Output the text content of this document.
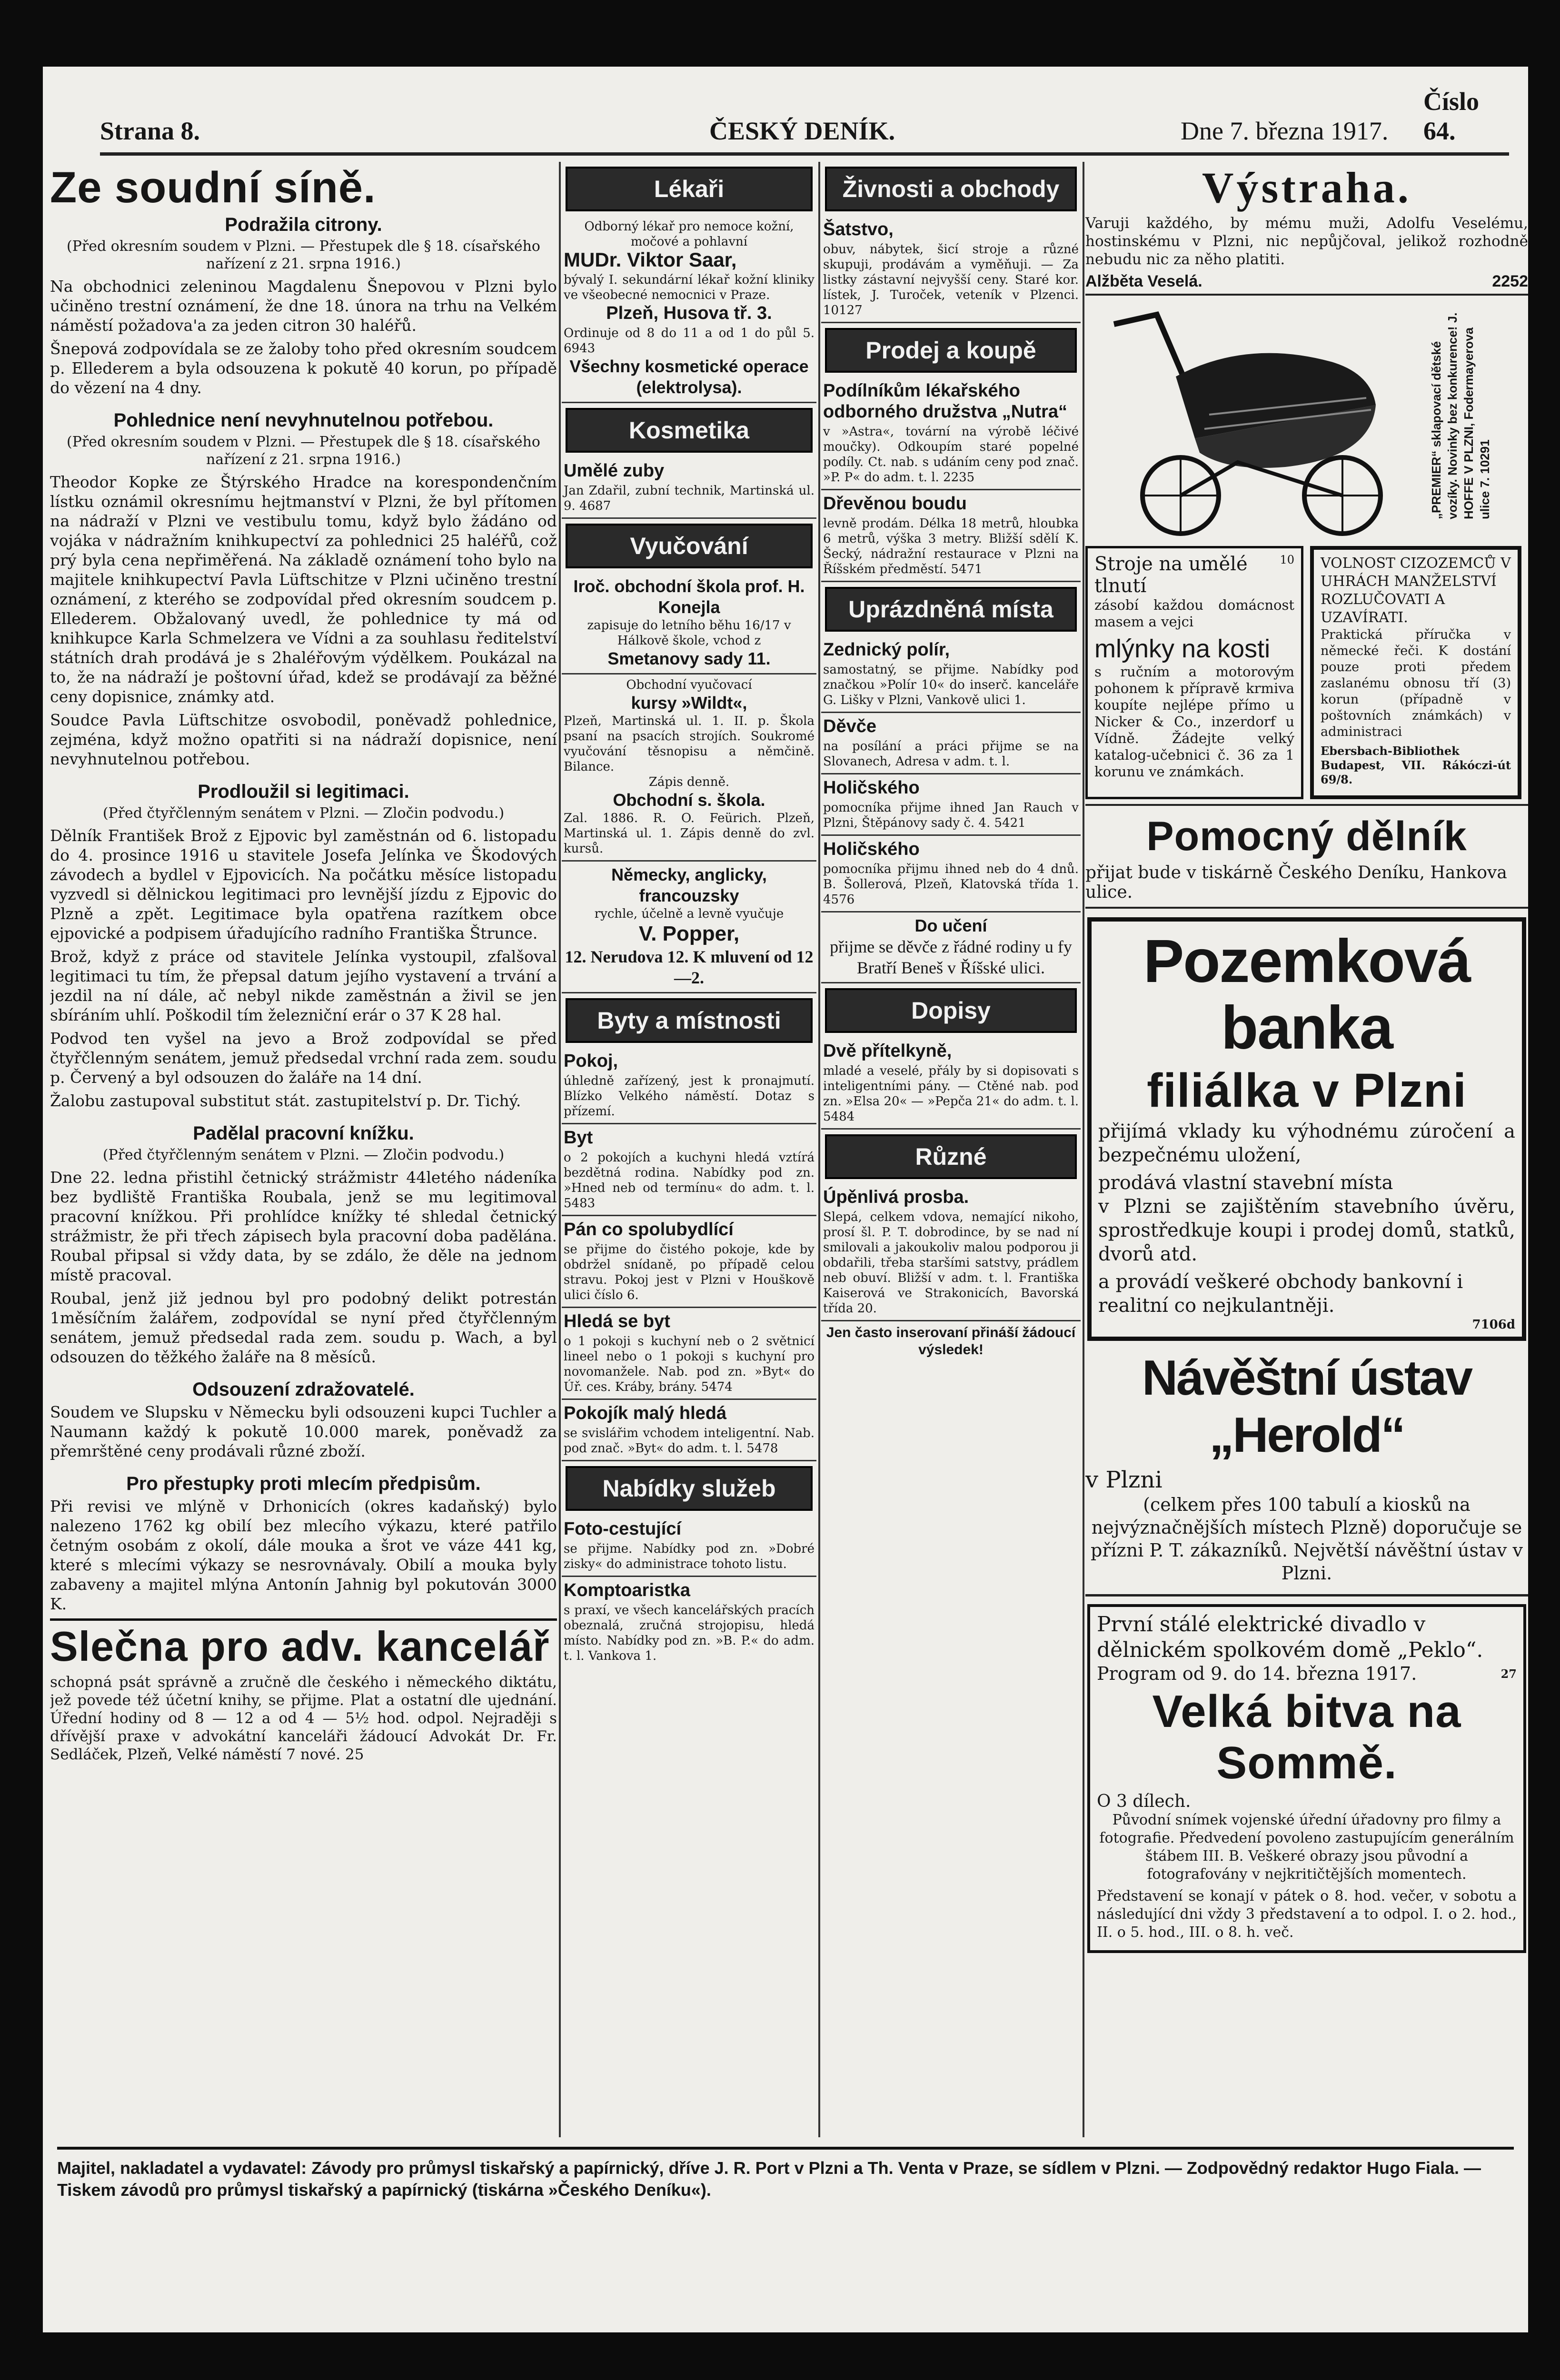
Strana 8.	ČESKÝ DENÍK.	Dne 7. března 1917.
Číslo 64.
Ze soudní síně.
Podražila citrony.
(Před okresním soudem v Plzni. — Přestupek dle § 18. císařského nařízení z 21. srpna 1916.)

Na obchodnici zeleninou Magdalenu Šnepovou v Plzni bylo učiněno trestní oznámení, že dne 18. února na trhu na Velkém náměstí požadova'a za jeden citron 30 haléřů.

Šnepová zodpovídala se ze žaloby toho před okresním soudcem p. Ellederem a byla odsouzena k pokutě 40 korun, po případě do vězení na 4 dny.

Pohlednice není nevyhnutelnou potřebou.
(Před okresním soudem v Plzni. — Přestupek dle § 18. císařského nařízení z 21. srpna 1916.)

Theodor Kopke ze Štýrského Hradce na korespondenčním lístku oznámil okresnímu hejtmanství v Plzni, že byl přítomen na nádraží v Plzni ve vestibulu tomu, když bylo žádáno od vojáka v nádražním knihkupectví za pohlednici 25 haléřů, což prý byla cena nepřiměřená. Na základě oznámení toho bylo na majitele knihkupectví Pavla Lüftschitze v Plzni učiněno trestní oznámení, z kterého se zodpovídal před okresním soudcem p. Ellederem. Obžalovaný uvedl, že pohlednice ty má od knihkupce Karla Schmelzera ve Vídni a za souhlasu ředitelství státních drah prodává je s 2haléřovým výdělkem. Poukázal na to, že na nádraží je poštovní úřad, kdež se prodávají za běžné ceny dopisnice, známky atd.

Soudce Pavla Lüftschitze osvobodil, poněvadž pohlednice, zejména, když možno opatřiti si na nádraží dopisnice, není nevyhnutelnou potřebou.

Prodloužil si legitimaci.
(Před čtyřčlenným senátem v Plzni. — Zločin podvodu.)

Dělník František Brož z Ejpovic byl zaměstnán od 6. listopadu do 4. prosince 1916 u stavitele Josefa Jelínka ve Škodových závodech a bydlel v Ejpovicích. Na počátku měsíce listopadu vyzvedl si dělnickou legitimaci pro levnější jízdu z Ejpovic do Plzně a zpět. Legitimace byla opatřena razítkem obce ejpovické a podpisem úřadujícího radního Františka Štrunce.

Brož, když z práce od stavitele Jelínka vystoupil, zfalšoval legitimaci tu tím, že přepsal datum jejího vystavení a trvání a jezdil na ní dále, ač nebyl nikde zaměstnán a živil se jen sbíráním uhlí. Poškodil tím železniční erár o 37 K 28 hal.

Podvod ten vyšel na jevo a Brož zodpovídal se před čtyřčlenným senátem, jemuž předsedal vrchní rada zem. soudu p. Červený a byl odsouzen do žaláře na 14 dní.

Žalobu zastupoval substitut stát. zastupitelství p. Dr. Tichý.

Padělal pracovní knížku.
(Před čtyřčlenným senátem v Plzni. — Zločin podvodu.)

Dne 22. ledna přistihl četnický strážmistr 44letého nádeníka bez bydliště Františka Roubala, jenž se mu legitimoval pracovní knížkou. Při prohlídce knížky té shledal četnický strážmistr, že při třech zápisech byla pracovní doba padělána. Roubal připsal si vždy data, by se zdálo, že děle na jednom místě pracoval.

Roubal, jenž již jednou byl pro podobný delikt potrestán 1měsíčním žalářem, zodpovídal se nyní před čtyřčlenným senátem, jemuž předsedal rada zem. soudu p. Wach, a byl odsouzen do těžkého žaláře na 8 měsíců.

Odsouzení zdražovatelé.

Soudem ve Slupsku v Německu byli odsouzeni kupci Tuchler a Naumann každý k pokutě 10.000 marek, poněvadž za přemrštěné ceny prodávali různé zboží.

Pro přestupky proti mlecím předpisům.

Při revisi ve mlýně v Drhonicích (okres kadaňský) bylo nalezeno 1762 kg obilí bez mlecího výkazu, které patřilo četným osobám z okolí, dále mouka a šrot ve váze 441 kg, které s mlecími výkazy se nesrovnávaly. Obilí a mouka byly zabaveny a majitel mlýna Antonín Jahnig byl pokutován 3000 K.

Slečna pro adv. kancelář

schopná psát správně a zručně dle českého i německého diktátu, jež povede též účetní knihy, se přijme. Plat a ostatní dle ujednání. Úřední hodiny od 8 — 12 a od 4 — 5½ hod. odpol. Nejraději s dřívější praxe v advokátní kanceláři žádoucí Advokát Dr. Fr. Sedláček, Plzeň, Velké náměstí 7 nové. 25

Lékaři

Odborný lékař pro nemoce kožní, močové a pohlavní

MUDr. Viktor Saar,

bývalý I. sekundární lékař kožní kliniky ve všeobecné nemocnici v Praze.

Plzeň, Husova tř. 3.

Ordinuje od 8 do 11 a od 1 do půl 5. 6943

Všechny kosmetické operace (elektrolysa).
Kosmetika
Umělé zuby

Jan Zdařil, zubní technik, Martinská ul. 9. 4687

Vyučování
Iroč. obchodní škola prof. H. Konejla

zapisuje do letního běhu 16/17 v Hálkově škole, vchod z

Smetanovy sady 11.

Obchodní vyučovací

kursy »Wildt«,

Plzeň, Martinská ul. 1. II. p. Škola psaní na psacích strojích. Soukromé vyučování těsnopisu a němčině. Bilance.

Zápis denně.

Obchodní s. škola.

Zal. 1886. R. O. Feürich. Plzeň, Martinská ul. 1. Zápis denně do zvl. kursů.

Německy, anglicky, francouzsky

rychle, účelně a levně vyučuje

V. Popper,
12. Nerudova 12. K mluvení od 12—2.
Byty a místnosti
Pokoj,

úhledně zařízený, jest k pronajmutí. Blízko Velkého náměstí. Dotaz s přízemí.

Byt

o 2 pokojích a kuchyni hledá vztírá bezdětná rodina. Nabídky pod zn. »Hned neb od termínu« do adm. t. l. 5483

Pán co spolubydlící

se přijme do čistého pokoje, kde by obdržel snídaně, po případě celou stravu. Pokoj jest v Plzni v Houškově ulici číslo 6.

Hledá se byt

o 1 pokoji s kuchyní neb o 2 světnicí lineel nebo o 1 pokoji s kuchyní pro novomanžele. Nab. pod zn. »Byt« do Úř. ces. Kráby, brány. 5474

Pokojík malý hledá

se svislářim vchodem inteligentní. Nab. pod znač. »Byt« do adm. t. l. 5478

Nabídky služeb
Foto-cestující

se přijme. Nabídky pod zn. »Dobré zisky« do administrace tohoto listu.

Komptoaristka

s praxí, ve všech kancelářských pracích obeznalá, zručná strojopisu, hledá místo. Nabídky pod zn. »B. P.« do adm. t. l. Vankova 1.

Živnosti a obchody
Šatstvo,

obuv, nábytek, šicí stroje a různé skupuji, prodávám a vyměňuji. — Za listky zástavní nejvyšší ceny. Staré kor. lístek, J. Turoček, veteník v Plzenci. 10127

Prodej a koupě
Podílníkům lékařského odborného družstva „Nutra“

v »Astra«, tovární na výrobě léčivé moučky). Odkoupím staré popelné podíly. Ct. nab. s udáním ceny pod znač. »P. P« do adm. t. l. 2235

Dřevěnou boudu

levně prodám. Délka 18 metrů, hloubka 6 metrů, výška 3 metry. Bližší sdělí K. Šecký, nádražní restaurace v Plzni na Říšském předměstí. 5471

Uprázdněná místa
Zednický polír,

samostatný, se přijme. Nabídky pod značkou »Polír 10« do inserč. kanceláře G. Lišky v Plzni, Vankově ulici 1.

Děvče

na posílání a práci přijme se na Slovanech, Adresa v adm. t. l.

Holičského

pomocníka přijme ihned Jan Rauch v Plzni, Štěpánovy sady č. 4. 5421

Holičského

pomocníka přijmu ihned neb do 4 dnů. B. Šollerová, Plzeň, Klatovská třída 1. 4576

Do učení
přijme se děvče z řádné rodiny u fy Bratří Beneš v Říšské ulici.
Dopisy
Dvě přítelkyně,

mladé a veselé, přály by si dopisovati s inteligentními pány. — Ctěné nab. pod zn. »Elsa 20« — »Pepča 21« do adm. t. l. 5484

Různé
Úpěnlivá prosba.

Slepá, celkem vdova, nemající nikoho, prosí šl. P. T. dobrodince, by se nad ní smilovali a jakoukoliv malou podporou ji obdařili, třeba staršími satstvy, prádlem neb obuví. Bližší v adm. t. l. Františka Kaiserová ve Strakonicích, Bavorská třída 20.

Jen často inserovaní přináší žádoucí výsledek!
Výstraha.

Varuji každého, by mému muži, Adolfu Veselému, hostinskému v Plzni, nic nepůjčoval, jelikož rozhodně nebudu nic za něho platiti.

Alžběta Veselá.	2252
„PREMIER“ sklapovací dětské vozíky. Novinky bez konkurence! J. HOFFE V PLZNI, Fodermayerova ulice 7. 10291
Stroje na umělé tlnutí
10

zásobí každou domácnost masem a vejci

mlýnky na kosti

s ručním a motorovým pohonem k přípravě krmiva koupíte nejlépe přímo u Nicker & Co., inzerdorf u Vídně. Žádejte velký katalog-učebnici č. 36 za 1 korunu ve známkách.

VOLNOST CIZOZEMCŮ V UHRÁCH MANŽELSTVÍ ROZLUČOVATI A UZAVÍRATI.

Praktická příručka v německé řeči. K dostání pouze proti předem zaslanému obnosu tří (3) korun (případně v poštovních známkách) v administraci

Ebersbach-Bibliothek Budapest, VII. Rákóczi-út 69/8.

Pomocný dělník
přijat bude v tiskárně Českého Deníku, Hankova ulice.
Pozemková banka
filiálka v Plzni

přijímá vklady ku výhodnému zúročení a bezpečnému uložení,

prodává vlastní stavební místa

v Plzni se zajištěním stavebního úvěru, sprostředkuje koupi i prodej domů, statků, dvorů atd.

a provádí veškeré obchody bankovní i realitní co nejkulantněji.
7106d
Návěštní ústav „Herold“
v Plzni

(celkem přes 100 tabulí a kiosků na nejvýznačnějších místech Plzně) doporučuje se přízni P. T. zákazníků. Největší návěštní ústav v Plzni.

První stálé elektrické divadlo v dělnickém spolkovém domě „Peklo“.
Program od 9. do 14. března 1917.	27
Velká bitva na Sommě.
O 3 dílech.

Původní snímek vojenské úřední úřadovny pro filmy a fotografie. Předvedení povoleno zastupujícím generálním štábem III. B. Veškeré obrazy jsou původní a fotografovány v nejkritičtějších momentech.

Představení se konají v pátek o 8. hod. večer, v sobotu a následující dni vždy 3 představení a to odpol. I. o 2. hod., II. o 5. hod., III. o 8. h. več.

Majitel, nakladatel a vydavatel: Závody pro průmysl tiskařský a papírnický, dříve J. R. Port v Plzni a Th. Venta v Praze, se sídlem v Plzni. — Zodpovědný redaktor Hugo Fiala. — Tiskem závodů pro průmysl tiskařský a papírnický (tiskárna »Českého Deníku«).
